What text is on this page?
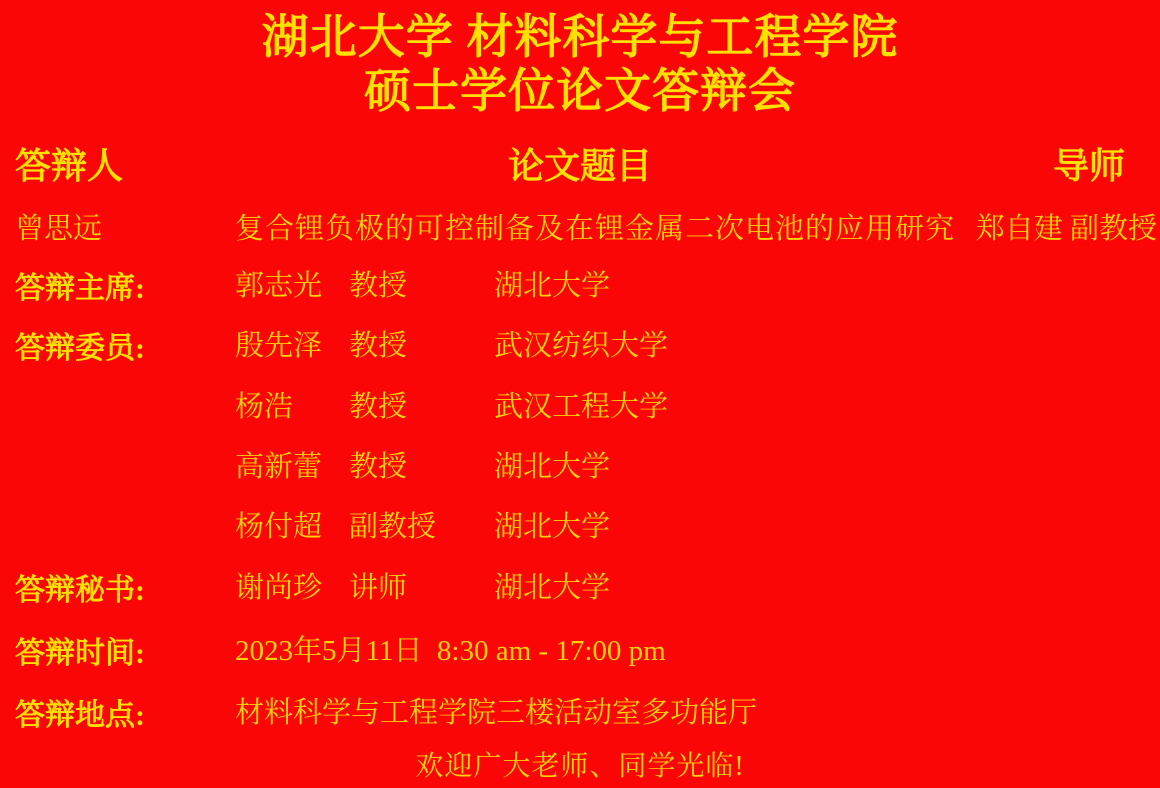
湖北大学 材料科学与工程学院
硕士学位论文答辩会
答辩人	论文题目	导师
曾思远	复合锂负极的可控制备及在锂金属二次电池的应用研究 郑自建 副教授
答辩主席:	郭志光 教授	湖北大学
答辩委员:	殷先泽 教授	武汉纺织大学
杨浩 教授	武汉工程大学
高新蕾 教授	湖北大学
杨付超 副教授 湖北大学
答辩秘书:	谢尚珍 讲师	湖北大学
答辩时间:	2023年5月11日  8:30 am - 17:00 pm
答辩地点:	材料科学与工程学院三楼活动室多功能厅
欢迎广大老师、同学光临!
